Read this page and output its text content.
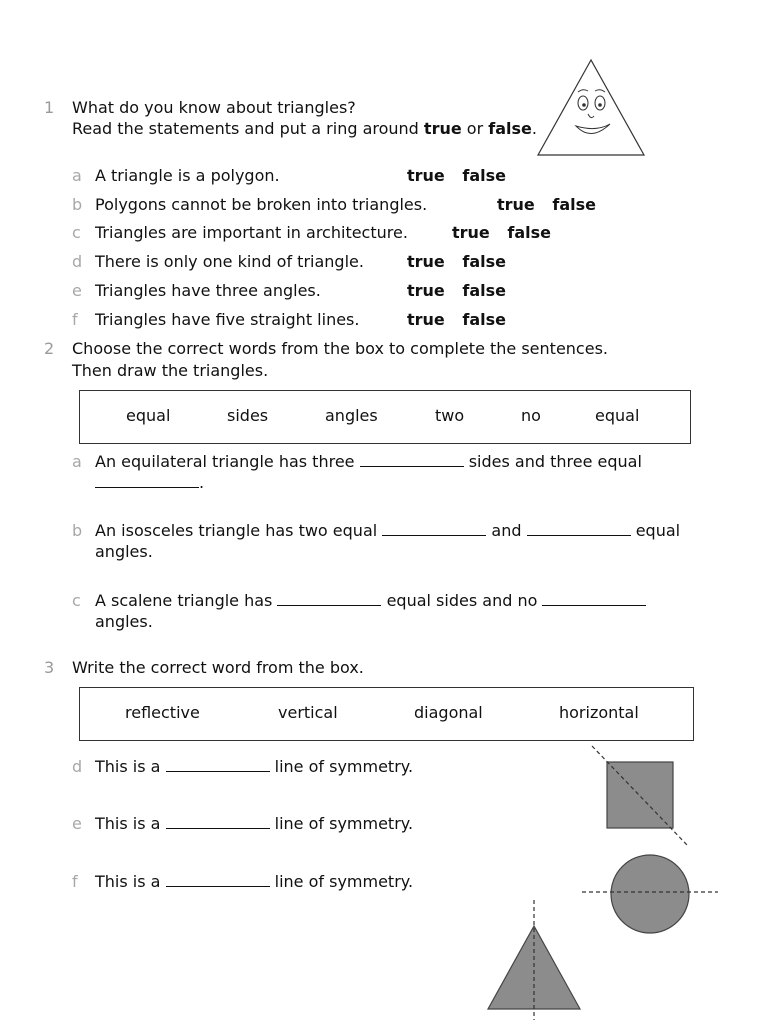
1 What do you know about triangles?
Read the statements and put a ring around true or false.
a A triangle is a polygon.	true false
b Polygons cannot be broken into triangles.	true false
c Triangles are important in architecture.	true false
d There is only one kind of triangle.	true false
e Triangles have three angles.	true false
f Triangles have five straight lines.	true false
2 Choose the correct words from the box to complete the sentences.
Then draw the triangles.
equal	sides	angles	two	no	equal
a An equilateral triangle has three	sides and three equal
.
b An isosceles triangle has two equal	and	equal
angles.
c A scalene triangle has	equal sides and no
angles.
3 Write the correct word from the box.
reflective	vertical	diagonal	horizontal
d This is a	line of symmetry.
e This is a	line of symmetry.
f This is a	line of symmetry.
